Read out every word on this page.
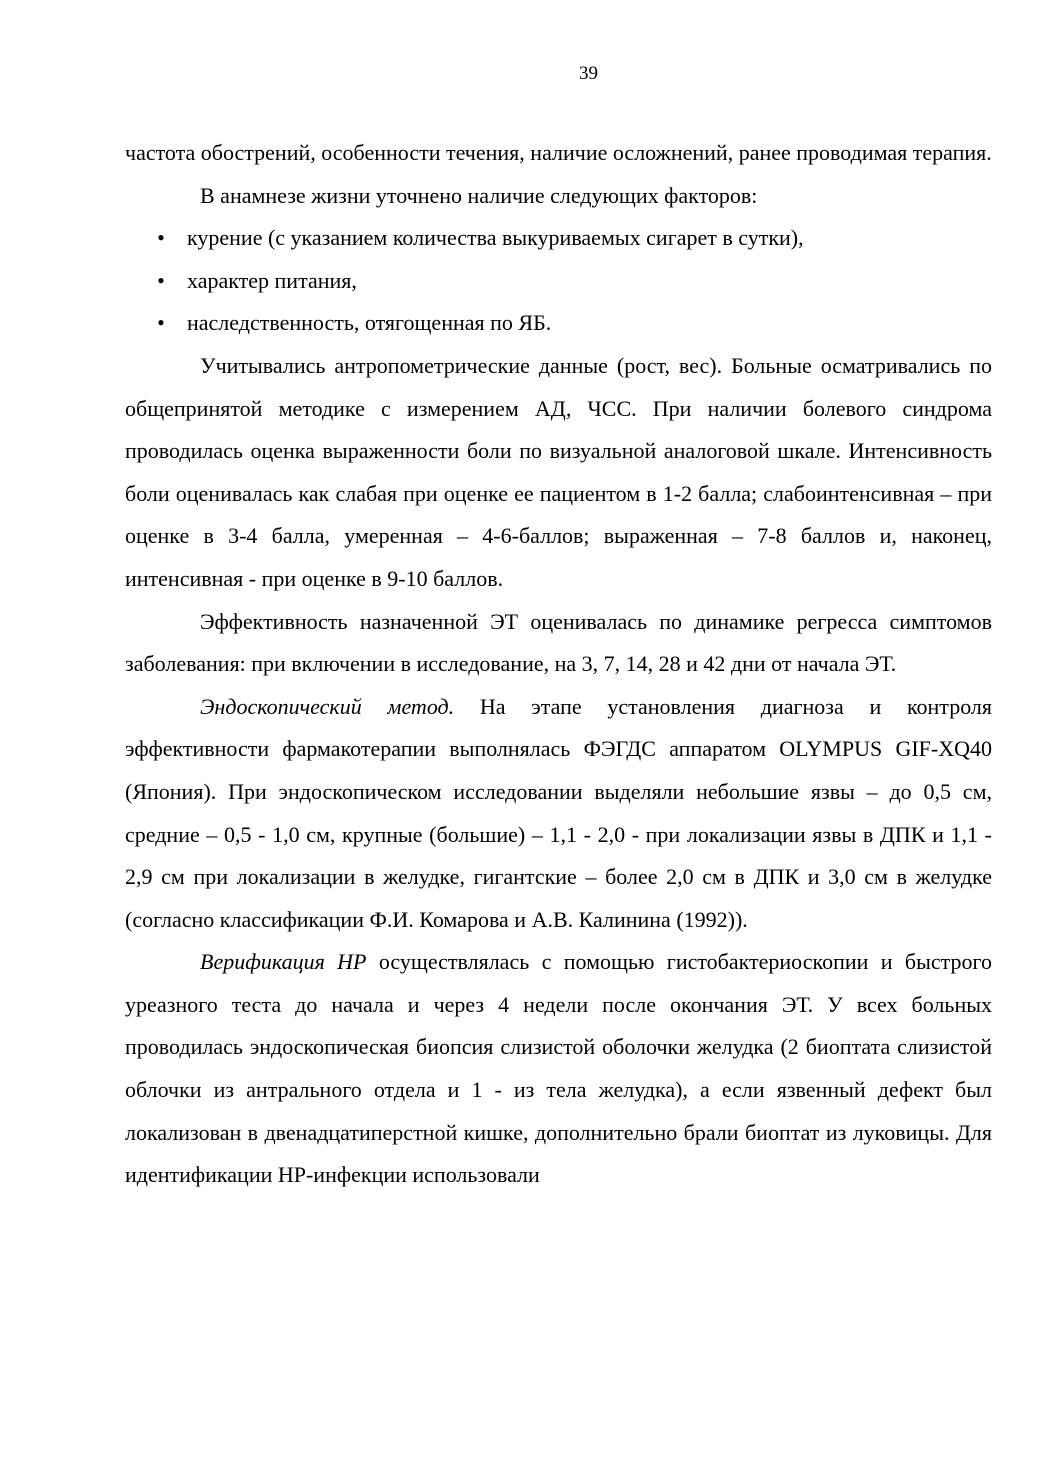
39

частота обострений, особенности течения, наличие осложнений, ранее проводимая терапия.

В анамнезе жизни уточнено наличие следующих факторов:

• курение (с указанием количества выкуриваемых сигарет в сутки),
• характер питания,
• наследственность, отягощенная по ЯБ.

Учитывались антропометрические данные (рост, вес). Больные осматривались по общепринятой методике с измерением АД, ЧСС. При наличии болевого синдрома проводилась оценка выраженности боли по визуальной аналоговой шкале. Интенсивность боли оценивалась как слабая при оценке ее пациентом в 1-2 балла; слабоинтенсивная – при оценке в 3-4 балла, умеренная – 4-6-баллов; выраженная – 7-8 баллов и, наконец, интенсивная - при оценке в 9-10 баллов.

Эффективность назначенной ЭТ оценивалась по динамике регресса симптомов заболевания: при включении в исследование, на 3, 7, 14, 28 и 42 дни от начала ЭТ.

Эндоскопический метод. На этапе установления диагноза и контроля эффективности фармакотерапии выполнялась ФЭГДС аппаратом OLYMPUS GIF-XQ40 (Япония). При эндоскопическом исследовании выделяли небольшие язвы – до 0,5 см, средние – 0,5 - 1,0 см, крупные (большие) – 1,1 - 2,0 - при локализации язвы в ДПК и 1,1 - 2,9 см при локализации в желудке, гигантские – более 2,0 см в ДПК и 3,0 см в желудке (согласно классификации Ф.И. Комарова и А.В. Калинина (1992)).

Верификация НР осуществлялась с помощью гистобактериоскопии и быстрого уреазного теста до начала и через 4 недели после окончания ЭТ. У всех больных проводилась эндоскопическая биопсия слизистой оболочки желудка (2 биоптата слизистой облочки из антрального отдела и 1 - из тела желудка), а если язвенный дефект был локализован в двенадцатиперстной кишке, дополнительно брали биоптат из луковицы. Для идентификации НР-инфекции использовали
